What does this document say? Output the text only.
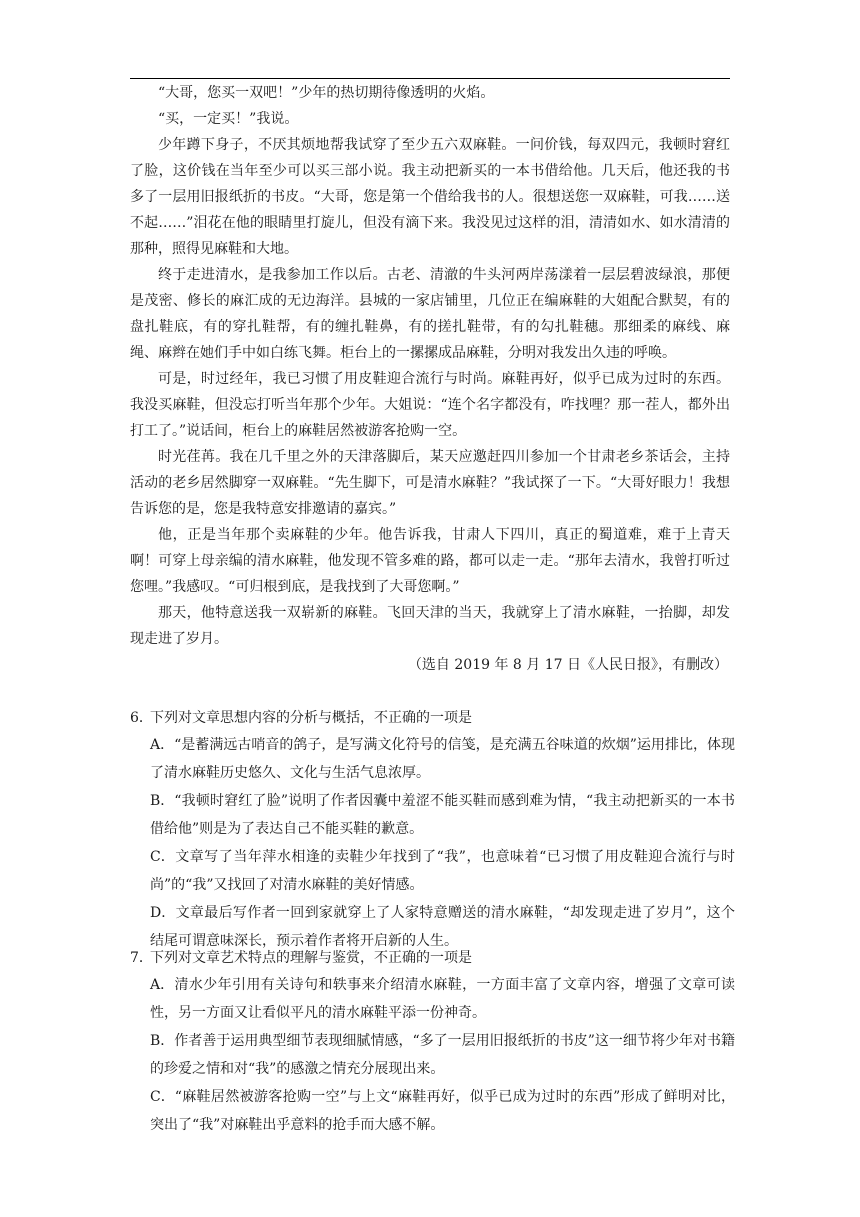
“大哥，您买一双吧！”少年的热切期待像透明的火焰。

“买，一定买！”我说。

少年蹲下身子，不厌其烦地帮我试穿了至少五六双麻鞋。一问价钱，每双四元，我顿时窘红了脸，这价钱在当年至少可以买三部小说。我主动把新买的一本书借给他。几天后，他还我的书多了一层用旧报纸折的书皮。“大哥，您是第一个借给我书的人。很想送您一双麻鞋，可我……送不起……”泪花在他的眼睛里打旋儿，但没有滴下来。我没见过这样的泪，清清如水、如水清清的那种，照得见麻鞋和大地。

终于走进清水，是我参加工作以后。古老、清澈的牛头河两岸荡漾着一层层碧波绿浪，那便是茂密、修长的麻汇成的无边海洋。县城的一家店铺里，几位正在编麻鞋的大姐配合默契，有的盘扎鞋底，有的穿扎鞋帮，有的缠扎鞋鼻，有的搓扎鞋带，有的勾扎鞋穗。那细柔的麻线、麻绳、麻辫在她们手中如白练飞舞。柜台上的一摞摞成品麻鞋，分明对我发出久违的呼唤。

可是，时过经年，我已习惯了用皮鞋迎合流行与时尚。麻鞋再好，似乎已成为过时的东西。我没买麻鞋，但没忘打听当年那个少年。大姐说：“连个名字都没有，咋找哩？那一茬人，都外出打工了。”说话间，柜台上的麻鞋居然被游客抢购一空。

时光荏苒。我在几千里之外的天津落脚后，某天应邀赶四川参加一个甘肃老乡茶话会，主持活动的老乡居然脚穿一双麻鞋。“先生脚下，可是清水麻鞋？”我试探了一下。“大哥好眼力！我想告诉您的是，您是我特意安排邀请的嘉宾。”

他，正是当年那个卖麻鞋的少年。他告诉我，甘肃人下四川，真正的蜀道难，难于上青天啊！可穿上母亲编的清水麻鞋，他发现不管多难的路，都可以走一走。“那年去清水，我曾打听过您哩。”我感叹。“可归根到底，是我找到了大哥您啊。”

那天，他特意送我一双崭新的麻鞋。飞回天津的当天，我就穿上了清水麻鞋，一抬脚，却发现走进了岁月。

（选自 2019 年 8 月 17 日《人民日报》，有删改）

6．下列对文章思想内容的分析与概括，不正确的一项是

A．“是蓄满远古哨音的鸽子，是写满文化符号的信笺，是充满五谷味道的炊烟”运用排比，体现了清水麻鞋历史悠久、文化与生活气息浓厚。

B．“我顿时窘红了脸”说明了作者因囊中羞涩不能买鞋而感到难为情，“我主动把新买的一本书借给他”则是为了表达自己不能买鞋的歉意。

C．文章写了当年萍水相逢的卖鞋少年找到了“我”，也意味着“已习惯了用皮鞋迎合流行与时尚”的“我”又找回了对清水麻鞋的美好情感。

D．文章最后写作者一回到家就穿上了人家特意赠送的清水麻鞋，“却发现走进了岁月”，这个结尾可谓意味深长，预示着作者将开启新的人生。

7．下列对文章艺术特点的理解与鉴赏，不正确的一项是

A．清水少年引用有关诗句和轶事来介绍清水麻鞋，一方面丰富了文章内容，增强了文章可读性，另一方面又让看似平凡的清水麻鞋平添一份神奇。

B．作者善于运用典型细节表现细腻情感，“多了一层用旧报纸折的书皮”这一细节将少年对书籍的珍爱之情和对“我”的感激之情充分展现出来。

C．“麻鞋居然被游客抢购一空”与上文“麻鞋再好，似乎已成为过时的东西”形成了鲜明对比，突出了“我”对麻鞋出乎意料的抢手而大感不解。
